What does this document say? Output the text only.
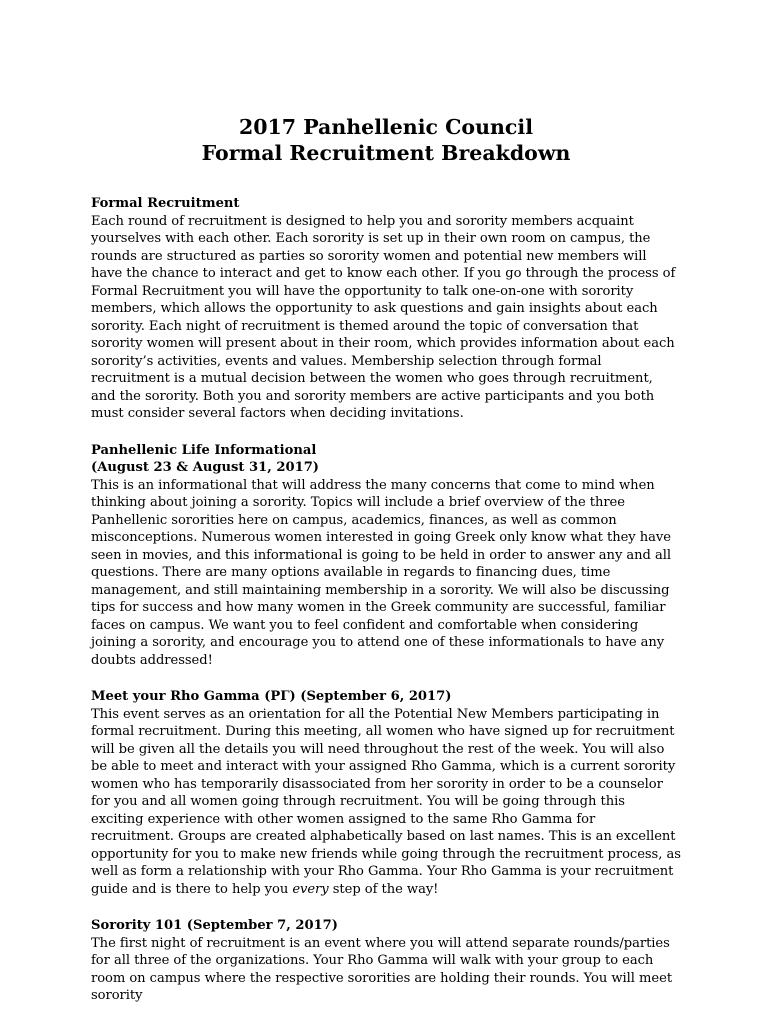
2017 Panhellenic Council
Formal Recruitment Breakdown
Formal Recruitment
Each round of recruitment is designed to help you and sorority members acquaint yourselves with each other. Each sorority is set up in their own room on campus, the rounds are structured as parties so sorority women and potential new members will have the chance to interact and get to know each other. If you go through the process of Formal Recruitment you will have the opportunity to talk one-on-one with sorority members, which allows the opportunity to ask questions and gain insights about each sorority. Each night of recruitment is themed around the topic of conversation that sorority women will present about in their room, which provides information about each sorority’s activities, events and values. Membership selection through formal recruitment is a mutual decision between the women who goes through recruitment, and the sorority. Both you and sorority members are active participants and you both must consider several factors when deciding invitations.
Panhellenic Life Informational
(August 23 & August 31, 2017)
This is an informational that will address the many concerns that come to mind when thinking about joining a sorority. Topics will include a brief overview of the three Panhellenic sororities here on campus, academics, finances, as well as common misconceptions. Numerous women interested in going Greek only know what they have seen in movies, and this informational is going to be held in order to answer any and all questions. There are many options available in regards to financing dues, time management, and still maintaining membership in a sorority. We will also be discussing tips for success and how many women in the Greek community are successful, familiar faces on campus. We want you to feel confident and comfortable when considering joining a sorority, and encourage you to attend one of these informationals to have any doubts addressed!
Meet your Rho Gamma (ΡΓ) (September 6, 2017)
This event serves as an orientation for all the Potential New Members participating in formal recruitment. During this meeting, all women who have signed up for recruitment will be given all the details you will need throughout the rest of the week. You will also be able to meet and interact with your assigned Rho Gamma, which is a current sorority women who has temporarily disassociated from her sorority in order to be a counselor for you and all women going through recruitment. You will be going through this exciting experience with other women assigned to the same Rho Gamma for recruitment. Groups are created alphabetically based on last names. This is an excellent opportunity for you to make new friends while going through the recruitment process, as well as form a relationship with your Rho Gamma. Your Rho Gamma is your recruitment guide and is there to help you every step of the way!
Sorority 101 (September 7, 2017)
The first night of recruitment is an event where you will attend separate rounds/parties for all three of the organizations. Your Rho Gamma will walk with your group to each room on campus where the respective sororities are holding their rounds. You will meet sorority
